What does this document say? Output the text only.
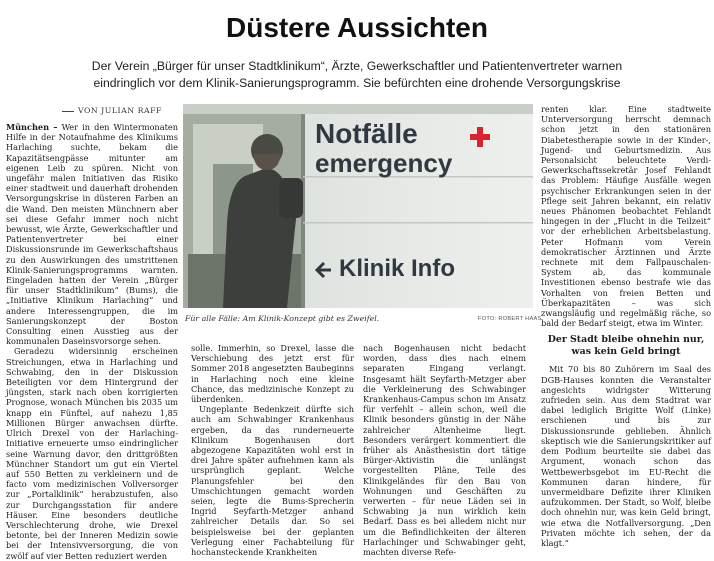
Düstere Aussichten
Der Verein „Bürger für unser Stadtklinikum“, Ärzte, Gewerkschaftler und Patientenvertreter warnen eindringlich vor dem Klinik-Sanierungsprogramm. Sie befürchten eine drohende Versorgungskrise
VON JULIAN RAFF

München – Wer in den Wintermonaten Hilfe in der Notaufnahme des Klinikums Harlaching suchte, bekam die Kapazitätsengpässe mitunter am eigenen Leib zu spüren. Nicht von ungefähr malen Initiativen das Risiko einer stadtweit und dauerhaft drohenden Versorgungskrise in düsteren Farben an die Wand. Den meisten Münchnern aber sei diese Gefahr immer noch nicht bewusst, wie Ärzte, Gewerkschaftler und Patientenvertreter bei einer Diskussionsrunde im Gewerkschaftshaus zu den Auswirkungen des umstrittenen Klinik-Sanierungsprogramms warnten. Eingeladen hatten der Verein „Bürger für unser Stadtklinikum“ (Bums), die „Initiative Klinikum Harlaching“ und andere Interessengruppen, die im Sanierungskonzept der Boston Consulting einen Ausstieg aus der kommunalen Daseinsvorsorge sehen.

Geradezu widersinnig erscheinen Streichungen, etwa in Harlaching und Schwabing, den in der Diskussion Beteiligten vor dem Hintergrund der jüngsten, stark nach oben korrigierten Prognose, wonach München bis 2035 um knapp ein Fünftel, auf nahezu 1,85 Millionen Bürger anwachsen dürfte. Ulrich Drexel von der Harlaching-Initiative erneuerte umso eindringlicher seine Warnung davor, den drittgrößten Münchner Standort um gut ein Viertel auf 550 Betten zu verkleinern und de facto vom medizinischen Vollversorger zur „Portalklinik“ herabzustufen, also zur Durchgangsstation für andere Häuser. Eine besonders deutliche Verschlechterung drohe, wie Drexel betonte, bei der Inneren Medizin sowie bei der Intensivversorgung, die von zwölf auf vier Betten reduziert werden

Notfälle
emergency
Klinik Info
Für alle Fälle: Am Klinik-Konzept gibt es Zweifel.	FOTO: ROBERT HAAS

solle. Immerhin, so Drexel, lasse die Verschiebung des jetzt erst für Sommer 2018 angesetzten Baubeginns in Harlaching noch eine kleine Chance, das medizinische Konzept zu überdenken.

Ungeplante Bedenkzeit dürfte sich auch am Schwabinger Krankenhaus ergeben, da das runderneuerte Klinikum Bogenhausen dort abgezogene Kapazitäten wohl erst in drei Jahre später aufnehmen kann als ursprünglich geplant. Welche Planungsfehler bei den Umschichtungen gemacht worden seien, legte die Bums-Sprecherin Ingrid Seyfarth-Metzger anhand zahlreicher Details dar. So sei beispielsweise bei der geplanten Verlegung einer Fachabteilung für hochansteckende Krankheiten

nach Bogenhausen nicht bedacht worden, dass dies nach einem separaten Eingang verlangt. Insgesamt hält Seyfarth-Metzger aber die Verkleinerung des Schwabinger Krankenhaus-Campus schon im Ansatz für verfehlt – allein schon, weil die Klinik besonders günstig in der Nähe zahlreicher Altenheime liegt. Besonders verärgert kommentiert die früher als Anästhesistin dort tätige Bürger-Aktivistin die unlängst vorgestellten Pläne, Teile des Klinikgeländes für den Bau von Wohnungen und Geschäften zu verwerten – für neue Läden sei in Schwabing ja nun wirklich kein Bedarf. Dass es bei alledem nicht nur um die Befindlichkeiten der älteren Harlachinger und Schwabinger geht, machten diverse Refe-

renten klar. Eine stadtweite Unterversorgung herrscht demnach schon jetzt in den stationären Diabetestherapie sowie in der Kinder-, Jugend- und Geburtsmedizin. Aus Personalsicht beleuchtete Verdi-Gewerkschaftssekretär Josef Fehlandt das Problem: Häufige Ausfälle wegen psychischer Erkrankungen seien in der Pflege seit Jahren bekannt, ein relativ neues Phänomen beobachtet Fehlandt hingegen in der „Flucht in die Teilzeit“ vor der erheblichen Arbeitsbelastung. Peter Hofmann vom Verein demokratischer Ärztinnen und Ärzte rechnete mit dem Fallpauschalen-System ab, das kommunale Investitionen ebenso bestrafe wie das Vorhalten von freien Betten und Überkapazitäten – was sich zwangsläufig und regelmäßig räche, so bald der Bedarf steigt, etwa im Winter.

Der Stadt bleibe ohnehin nur, was kein Geld bringt

Mit 70 bis 80 Zuhörern im Saal des DGB-Hauses konnten die Veranstalter angesichts widrigster Witterung zufrieden sein. Aus dem Stadtrat war dabei lediglich Brigitte Wolf (Linke) erschienen und bis zur Diskussionsrunde geblieben. Ähnlich skeptisch wie die Sanierungskritiker auf dem Podium beurteilte sie dabei das Argument, wonach schon das Wettbewerbsgebot im EU-Recht die Kommunen daran hindere, für unvermeidbare Defizite ihrer Kliniken aufzukommen. Der Stadt, so Wolf, bleibe doch ohnehin nur, was kein Geld bringt, wie etwa die Notfallversorgung. „Den Privaten möchte ich sehen, der da klagt.“
